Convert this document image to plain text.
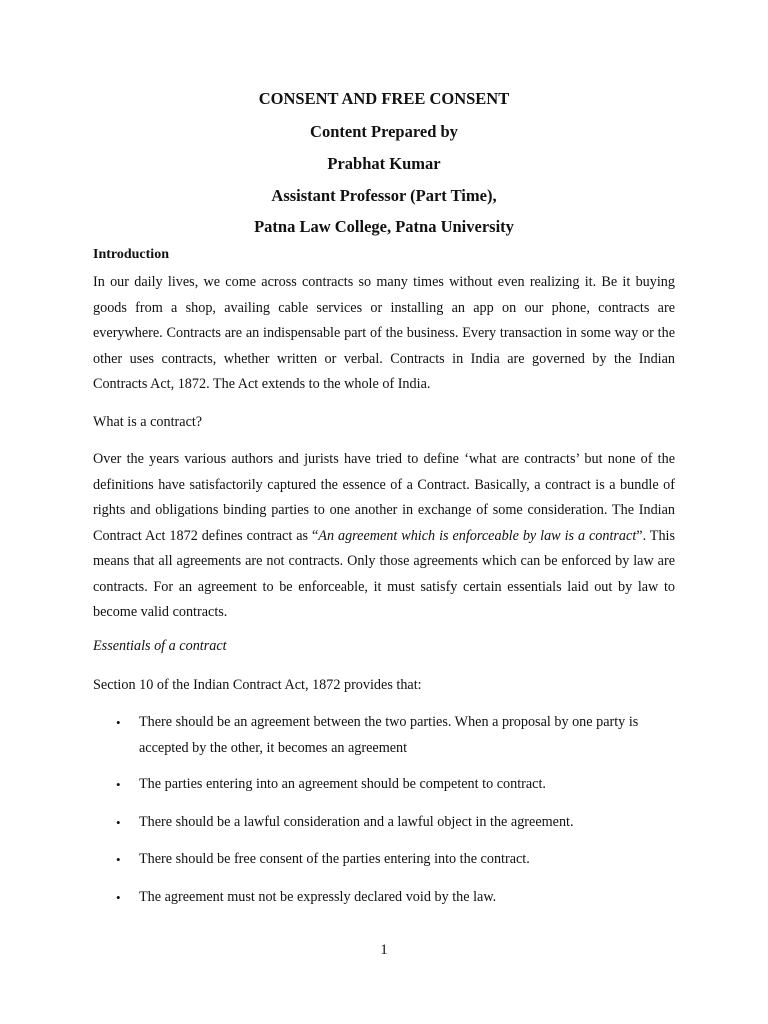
CONSENT AND FREE CONSENT
Content Prepared by
Prabhat Kumar
Assistant Professor (Part Time),
Patna Law College, Patna University
Introduction

In our daily lives, we come across contracts so many times without even realizing it. Be it buying goods from a shop, availing cable services or installing an app on our phone, contracts are everywhere. Contracts are an indispensable part of the business. Every transaction in some way or the other uses contracts, whether written or verbal. Contracts in India are governed by the Indian Contracts Act, 1872. The Act extends to the whole of India.

What is a contract?

Over the years various authors and jurists have tried to define ‘what are contracts’ but none of the definitions have satisfactorily captured the essence of a Contract. Basically, a contract is a bundle of rights and obligations binding parties to one another in exchange of some consideration. The Indian Contract Act 1872 defines contract as “An agreement which is enforceable by law is a contract”. This means that all agreements are not contracts. Only those agreements which can be enforced by law are contracts. For an agreement to be enforceable, it must satisfy certain essentials laid out by law to become valid contracts.

Essentials of a contract

Section 10 of the Indian Contract Act, 1872 provides that:

•	There should be an agreement between the two parties. When a proposal by one party is accepted by the other, it becomes an agreement
•	The parties entering into an agreement should be competent to contract.
•	There should be a lawful consideration and a lawful object in the agreement.
•	There should be free consent of the parties entering into the contract.
•	The agreement must not be expressly declared void by the law.
1
